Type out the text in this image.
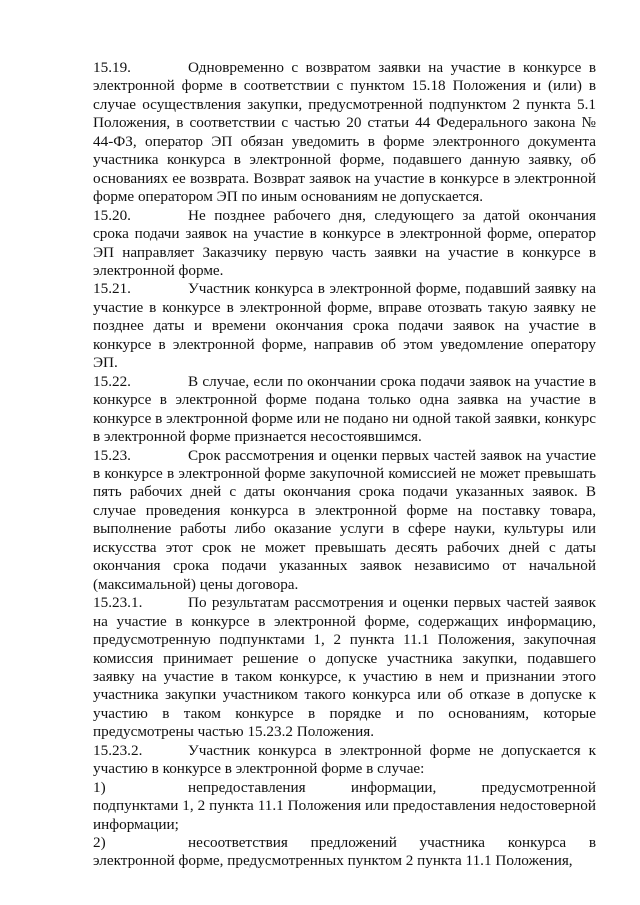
15.19.	Одновременно с возвратом заявки на участие в конкурсе в электронной форме в соответствии с пунктом 15.18 Положения и (или) в случае осуществления закупки, предусмотренной подпунктом 2 пункта 5.1 Положения, в соответствии с частью 20 статьи 44 Федерального закона № 44-ФЗ, оператор ЭП обязан уведомить в форме электронного документа участника конкурса в электронной форме, подавшего данную заявку, об основаниях ее возврата. Возврат заявок на участие в конкурсе в электронной форме оператором ЭП по иным основаниям не допускается.

15.20.	Не позднее рабочего дня, следующего за датой окончания срока подачи заявок на участие в конкурсе в электронной форме, оператор ЭП направляет Заказчику первую часть заявки на участие в конкурсе в электронной форме.

15.21.	Участник конкурса в электронной форме, подавший заявку на участие в конкурсе в электронной форме, вправе отозвать такую заявку не позднее даты и времени окончания срока подачи заявок на участие в конкурсе в электронной форме, направив об этом уведомление оператору ЭП.

15.22.	В случае, если по окончании срока подачи заявок на участие в конкурсе в электронной форме подана только одна заявка на участие в конкурсе в электронной форме или не подано ни одной такой заявки, конкурс в электронной форме признается несостоявшимся.

15.23.	Срок рассмотрения и оценки первых частей заявок на участие в конкурсе в электронной форме закупочной комиссией не может превышать пять рабочих дней с даты окончания срока подачи указанных заявок. В случае проведения конкурса в электронной форме на поставку товара, выполнение работы либо оказание услуги в сфере науки, культуры или искусства этот срок не может превышать десять рабочих дней с даты окончания срока подачи указанных заявок независимо от начальной (максимальной) цены договора.

15.23.1.	По результатам рассмотрения и оценки первых частей заявок на участие в конкурсе в электронной форме, содержащих информацию, предусмотренную подпунктами 1, 2 пункта 11.1 Положения, закупочная комиссия принимает решение о допуске участника закупки, подавшего заявку на участие в таком конкурсе, к участию в нем и признании этого участника закупки участником такого конкурса или об отказе в допуске к участию в таком конкурсе в порядке и по основаниям, которые предусмотрены частью 15.23.2 Положения.

15.23.2.	Участник конкурса в электронной форме не допускается к участию в конкурсе в электронной форме в случае:

1)	непредоставления информации, предусмотренной подпунктами 1, 2 пункта 11.1 Положения или предоставления недостоверной информации;

2)	несоответствия предложений участника конкурса в электронной форме, предусмотренных пунктом 2 пункта 11.1 Положения,
